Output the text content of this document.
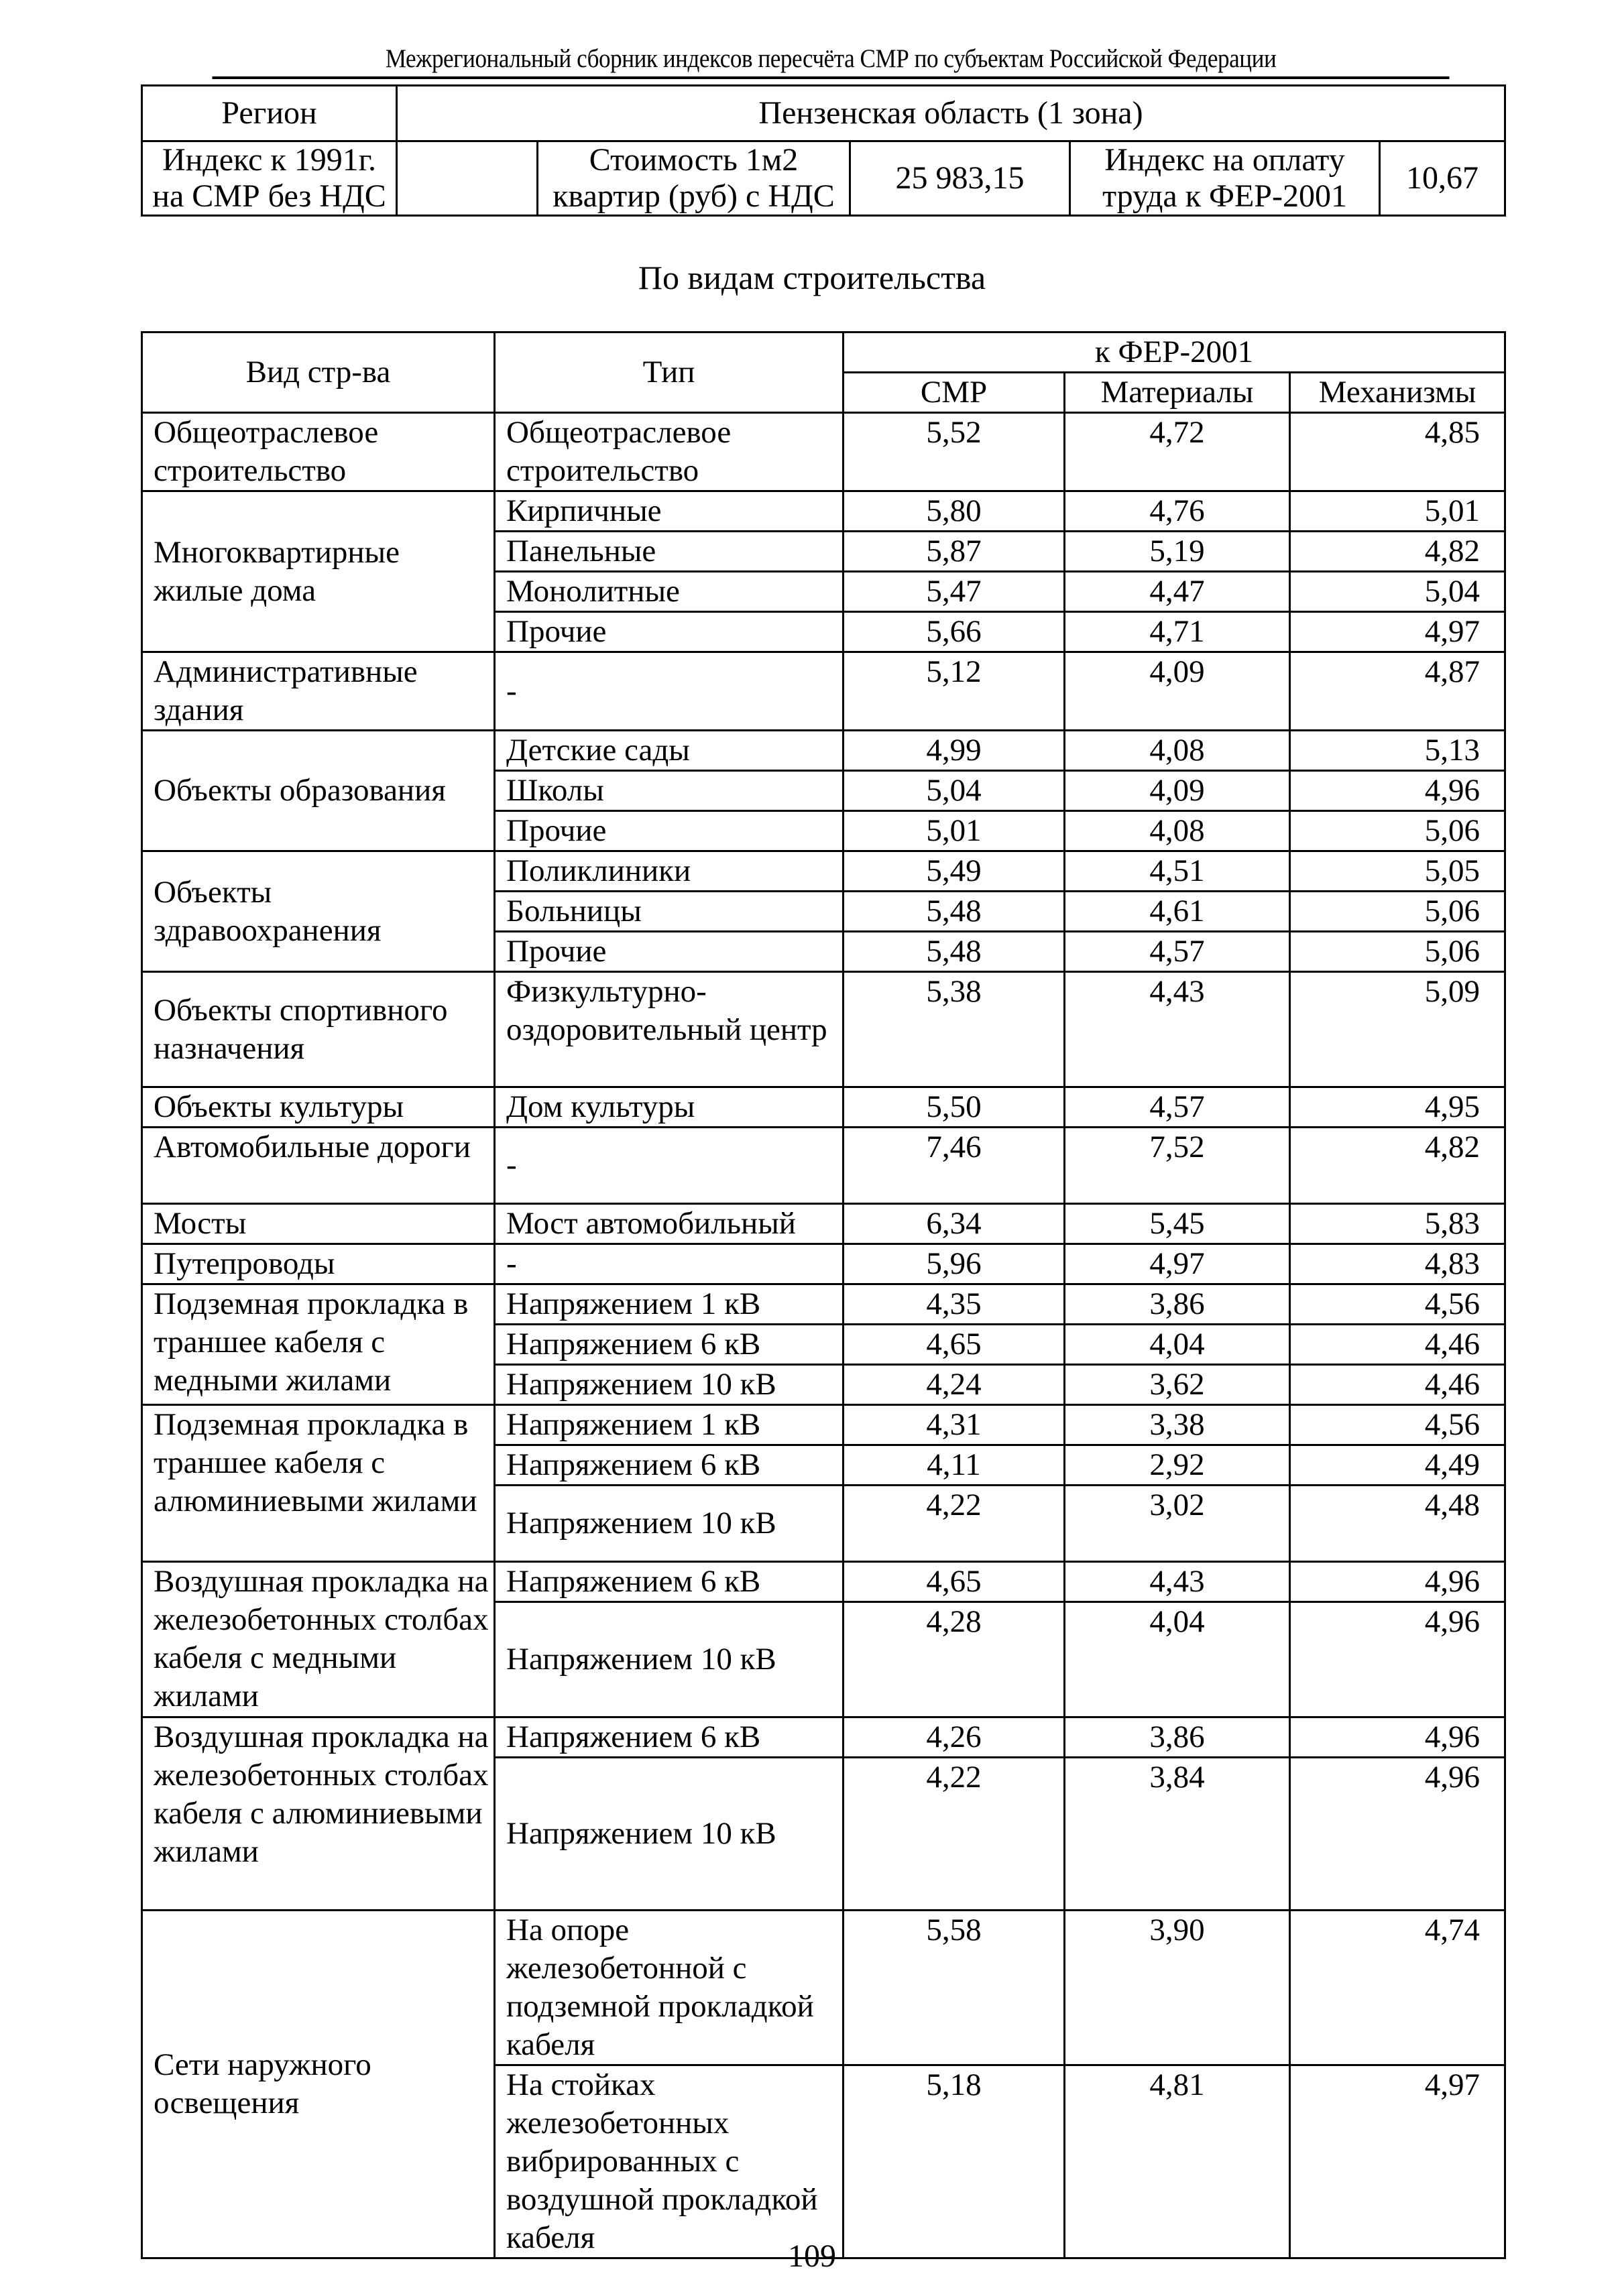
Межрегиональный сборник индексов пересчёта СМР по субъектам Российской Федерации
Регион	Пензенская область (1 зона)				
Индекс к 1991г. на СМР без НДС		Стоимость 1м2 квартир (руб) с НДС	25 983,15	Индекс на оплату труда к ФЕР-2001	10,67
По видам строительства
Вид стр-ва	Тип	к ФЕР-2001		
		СМР	Материалы	Механизмы
Общеотраслевое строительство	Общеотраслевое строительство	5,52	4,72	4,85
Многоквартирные жилые дома	Кирпичные	5,80	4,76	5,01
	Панельные	5,87	5,19	4,82
	Монолитные	5,47	4,47	5,04
	Прочие	5,66	4,71	4,97
Административные здания	-	5,12	4,09	4,87
Объекты образования	Детские сады	4,99	4,08	5,13
	Школы	5,04	4,09	4,96
	Прочие	5,01	4,08	5,06
Объекты здравоохранения	Поликлиники	5,49	4,51	5,05
	Больницы	5,48	4,61	5,06
	Прочие	5,48	4,57	5,06
Объекты спортивного назначения	Физкультурно-оздоровительный центр	5,38	4,43	5,09
Объекты культуры	Дом культуры	5,50	4,57	4,95
Автомобильные дороги	-	7,46	7,52	4,82
Мосты	Мост автомобильный	6,34	5,45	5,83
Путепроводы	-	5,96	4,97	4,83
Подземная прокладка в траншее кабеля с медными жилами	Напряжением 1 кВ	4,35	3,86	4,56
	Напряжением 6 кВ	4,65	4,04	4,46
	Напряжением 10 кВ	4,24	3,62	4,46
Подземная прокладка в траншее кабеля с алюминиевыми жилами	Напряжением 1 кВ	4,31	3,38	4,56
	Напряжением 6 кВ	4,11	2,92	4,49
	Напряжением 10 кВ	4,22	3,02	4,48
Воздушная прокладка на железобетонных столбах кабеля с медными жилами	Напряжением 6 кВ	4,65	4,43	4,96
	Напряжением 10 кВ	4,28	4,04	4,96
Воздушная прокладка на железобетонных столбах кабеля с алюминиевыми жилами	Напряжением 6 кВ	4,26	3,86	4,96
	Напряжением 10 кВ	4,22	3,84	4,96
Сети наружного освещения	На опоре железобетонной с подземной прокладкой кабеля	5,58	3,90	4,74
	На стойках железобетонных вибрированных с воздушной прокладкой кабеля	5,18	4,81	4,97
109
